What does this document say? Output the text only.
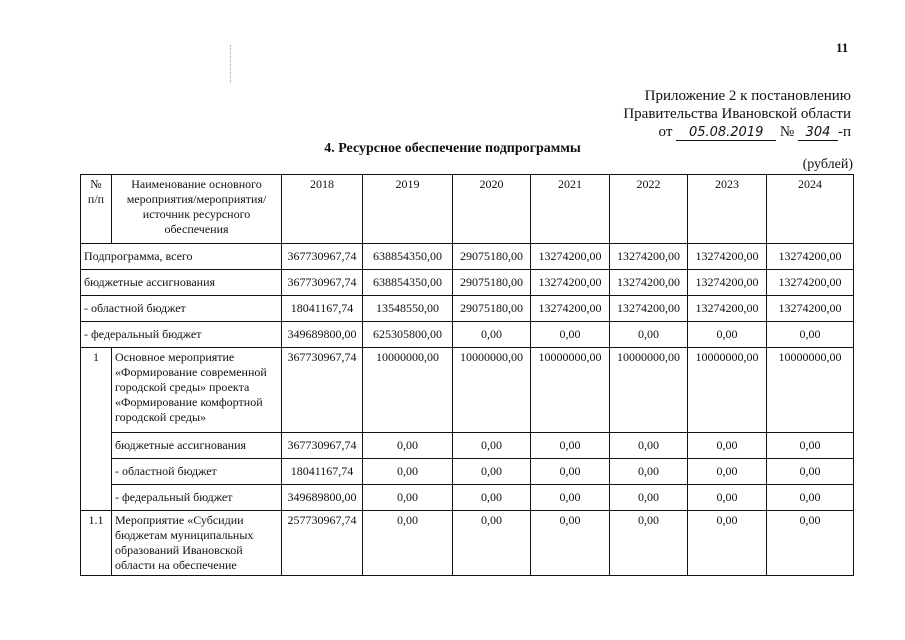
11
Приложение 2 к постановлению
Правительства Ивановской области
от 05.08.2019 № 304 -п
4. Ресурсное обеспечение подпрограммы
(рублей)
№ п/п	Наименование основного мероприятия/мероприятия/ источник ресурсного обеспечения	2018	2019	2020	2021	2022	2023	2024
Подпрограмма, всего		367730967,74	638854350,00	29075180,00	13274200,00	13274200,00	13274200,00	13274200,00
бюджетные ассигнования		367730967,74	638854350,00	29075180,00	13274200,00	13274200,00	13274200,00	13274200,00
- областной бюджет		18041167,74	13548550,00	29075180,00	13274200,00	13274200,00	13274200,00	13274200,00
- федеральный бюджет		349689800,00	625305800,00	0,00	0,00	0,00	0,00	0,00
1	Основное мероприятие «Формирование современной городской среды» проекта «Формирование комфортной городской среды»	367730967,74	10000000,00	10000000,00	10000000,00	10000000,00	10000000,00	10000000,00
	бюджетные ассигнования	367730967,74	0,00	0,00	0,00	0,00	0,00	0,00
	- областной бюджет	18041167,74	0,00	0,00	0,00	0,00	0,00	0,00
	- федеральный бюджет	349689800,00	0,00	0,00	0,00	0,00	0,00	0,00
1.1	Мероприятие «Субсидии бюджетам муниципальных образований Ивановской области на обеспечение	257730967,74	0,00	0,00	0,00	0,00	0,00	0,00
